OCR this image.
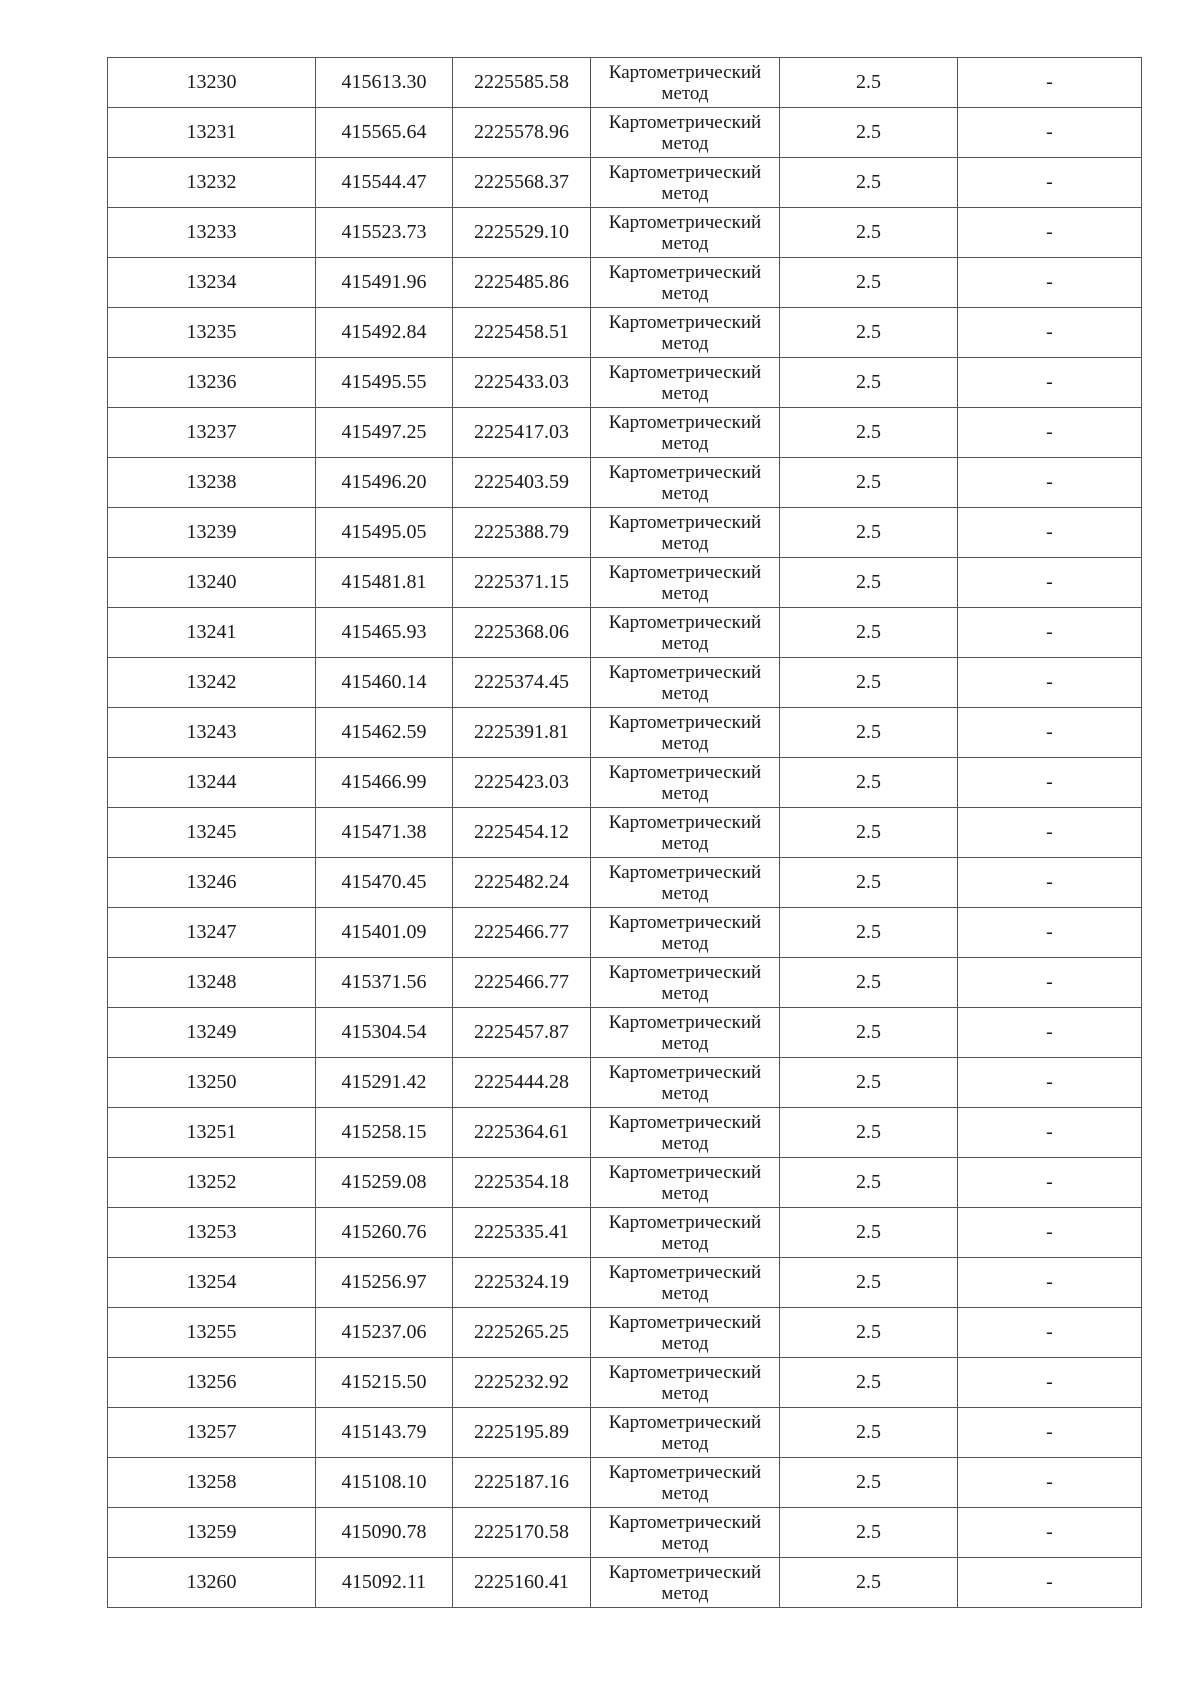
13230	415613.30	2225585.58	Картометрический
метод	2.5	-
13231	415565.64	2225578.96	Картометрический
метод	2.5	-
13232	415544.47	2225568.37	Картометрический
метод	2.5	-
13233	415523.73	2225529.10	Картометрический
метод	2.5	-
13234	415491.96	2225485.86	Картометрический
метод	2.5	-
13235	415492.84	2225458.51	Картометрический
метод	2.5	-
13236	415495.55	2225433.03	Картометрический
метод	2.5	-
13237	415497.25	2225417.03	Картометрический
метод	2.5	-
13238	415496.20	2225403.59	Картометрический
метод	2.5	-
13239	415495.05	2225388.79	Картометрический
метод	2.5	-
13240	415481.81	2225371.15	Картометрический
метод	2.5	-
13241	415465.93	2225368.06	Картометрический
метод	2.5	-
13242	415460.14	2225374.45	Картометрический
метод	2.5	-
13243	415462.59	2225391.81	Картометрический
метод	2.5	-
13244	415466.99	2225423.03	Картометрический
метод	2.5	-
13245	415471.38	2225454.12	Картометрический
метод	2.5	-
13246	415470.45	2225482.24	Картометрический
метод	2.5	-
13247	415401.09	2225466.77	Картометрический
метод	2.5	-
13248	415371.56	2225466.77	Картометрический
метод	2.5	-
13249	415304.54	2225457.87	Картометрический
метод	2.5	-
13250	415291.42	2225444.28	Картометрический
метод	2.5	-
13251	415258.15	2225364.61	Картометрический
метод	2.5	-
13252	415259.08	2225354.18	Картометрический
метод	2.5	-
13253	415260.76	2225335.41	Картометрический
метод	2.5	-
13254	415256.97	2225324.19	Картометрический
метод	2.5	-
13255	415237.06	2225265.25	Картометрический
метод	2.5	-
13256	415215.50	2225232.92	Картометрический
метод	2.5	-
13257	415143.79	2225195.89	Картометрический
метод	2.5	-
13258	415108.10	2225187.16	Картометрический
метод	2.5	-
13259	415090.78	2225170.58	Картометрический
метод	2.5	-
13260	415092.11	2225160.41	Картометрический
метод	2.5	-
